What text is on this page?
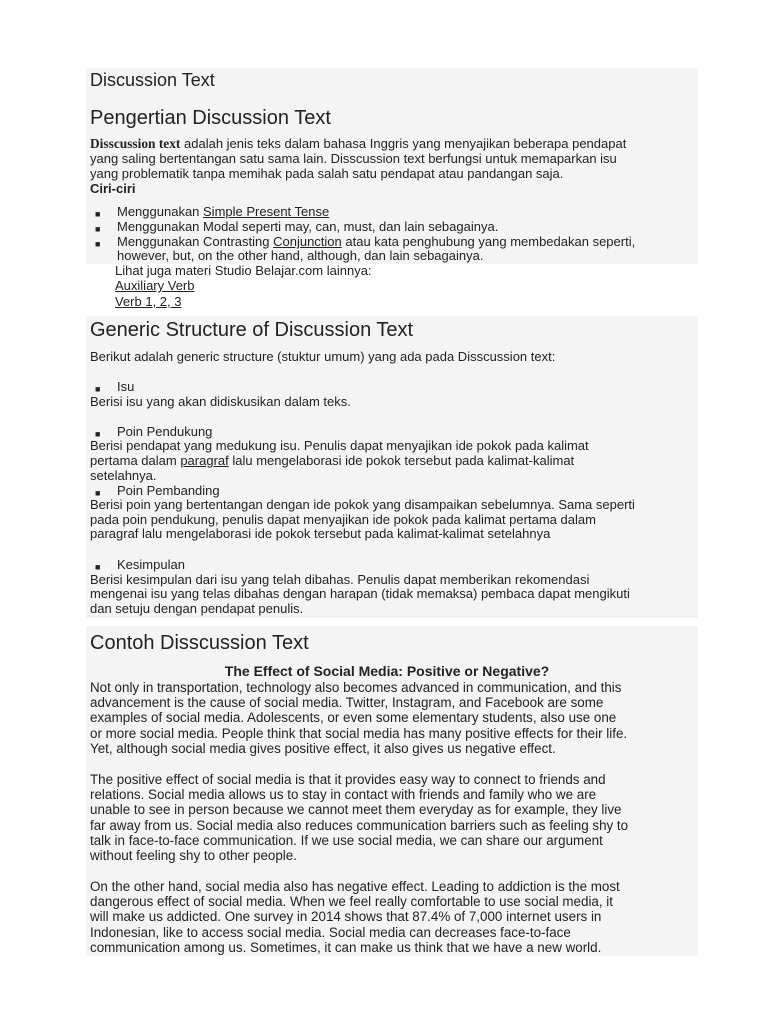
Discussion Text
Pengertian Discussion Text
Disscussion text adalah jenis teks dalam bahasa Inggris yang menyajikan beberapa pendapat
yang saling bertentangan satu sama lain. Disscussion text berfungsi untuk memaparkan isu
yang problematik tanpa memihak pada salah satu pendapat atau pandangan saja.
Ciri-ciri
■ Menggunakan Simple Present Tense
■ Menggunakan Modal seperti may, can, must, dan lain sebagainya.
■ Menggunakan Contrasting Conjunction atau kata penghubung yang membedakan seperti,
however, but, on the other hand, although, dan lain sebagainya.
Lihat juga materi Studio Belajar.com lainnya:
Auxiliary Verb
Verb 1, 2, 3
Generic Structure of Discussion Text
Berikut adalah generic structure (stuktur umum) yang ada pada Disscussion text:
■ Isu
Berisi isu yang akan didiskusikan dalam teks.
■ Poin Pendukung
Berisi pendapat yang medukung isu. Penulis dapat menyajikan ide pokok pada kalimat
pertama dalam paragraf lalu mengelaborasi ide pokok tersebut pada kalimat-kalimat
setelahnya.
■ Poin Pembanding
Berisi poin yang bertentangan dengan ide pokok yang disampaikan sebelumnya. Sama seperti
pada poin pendukung, penulis dapat menyajikan ide pokok pada kalimat pertama dalam
paragraf lalu mengelaborasi ide pokok tersebut pada kalimat-kalimat setelahnya
■ Kesimpulan
Berisi kesimpulan dari isu yang telah dibahas. Penulis dapat memberikan rekomendasi
mengenai isu yang telas dibahas dengan harapan (tidak memaksa) pembaca dapat mengikuti
dan setuju dengan pendapat penulis.
Contoh Disscussion Text
The Effect of Social Media: Positive or Negative?
Not only in transportation, technology also becomes advanced in communication, and this
advancement is the cause of social media. Twitter, Instagram, and Facebook are some
examples of social media. Adolescents, or even some elementary students, also use one
or more social media. People think that social media has many positive effects for their life.
Yet, although social media gives positive effect, it also gives us negative effect.
The positive effect of social media is that it provides easy way to connect to friends and
relations. Social media allows us to stay in contact with friends and family who we are
unable to see in person because we cannot meet them everyday as for example, they live
far away from us. Social media also reduces communication barriers such as feeling shy to
talk in face-to-face communication. If we use social media, we can share our argument
without feeling shy to other people.
On the other hand, social media also has negative effect. Leading to addiction is the most
dangerous effect of social media. When we feel really comfortable to use social media, it
will make us addicted. One survey in 2014 shows that 87.4% of 7,000 internet users in
Indonesian, like to access social media. Social media can decreases face-to-face
communication among us. Sometimes, it can make us think that we have a new world.
